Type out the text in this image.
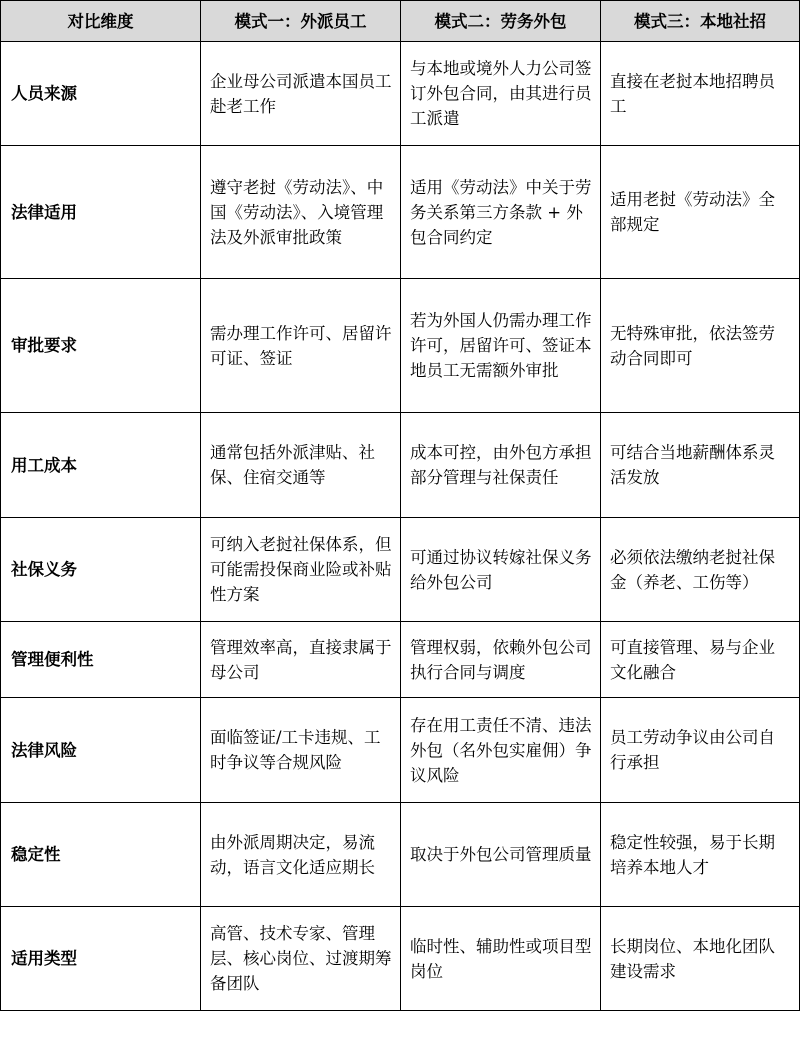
对比维度	模式一：外派员工	模式二：劳务外包	模式三：本地社招
人员来源	企业母公司派遣本国员工赴老工作	与本地或境外人力公司签订外包合同，由其进行员工派遣	直接在老挝本地招聘员工
法律适用	遵守老挝《劳动法》、中国《劳动法》、入境管理法及外派审批政策	适用《劳动法》中关于劳务关系第三方条款 + 外包合同约定	适用老挝《劳动法》全部规定
审批要求	需办理工作许可、居留许可证、签证	若为外国人仍需办理工作许可，居留许可、签证本地员工无需额外审批	无特殊审批，依法签劳动合同即可
用工成本	通常包括外派津贴、社保、住宿交通等	成本可控，由外包方承担部分管理与社保责任	可结合当地薪酬体系灵活发放
社保义务	可纳入老挝社保体系，但可能需投保商业险或补贴性方案	可通过协议转嫁社保义务给外包公司	必须依法缴纳老挝社保金（养老、工伤等）
管理便利性	管理效率高，直接隶属于母公司	管理权弱，依赖外包公司执行合同与调度	可直接管理、易与企业文化融合
法律风险	面临签证/工卡违规、工时争议等合规风险	存在用工责任不清、违法外包（名外包实雇佣）争议风险	员工劳动争议由公司自行承担
稳定性	由外派周期决定，易流动，语言文化适应期长	取决于外包公司管理质量	稳定性较强，易于长期培养本地人才
适用类型	高管、技术专家、管理层、核心岗位、过渡期筹备团队	临时性、辅助性或项目型岗位	长期岗位、本地化团队建设需求
